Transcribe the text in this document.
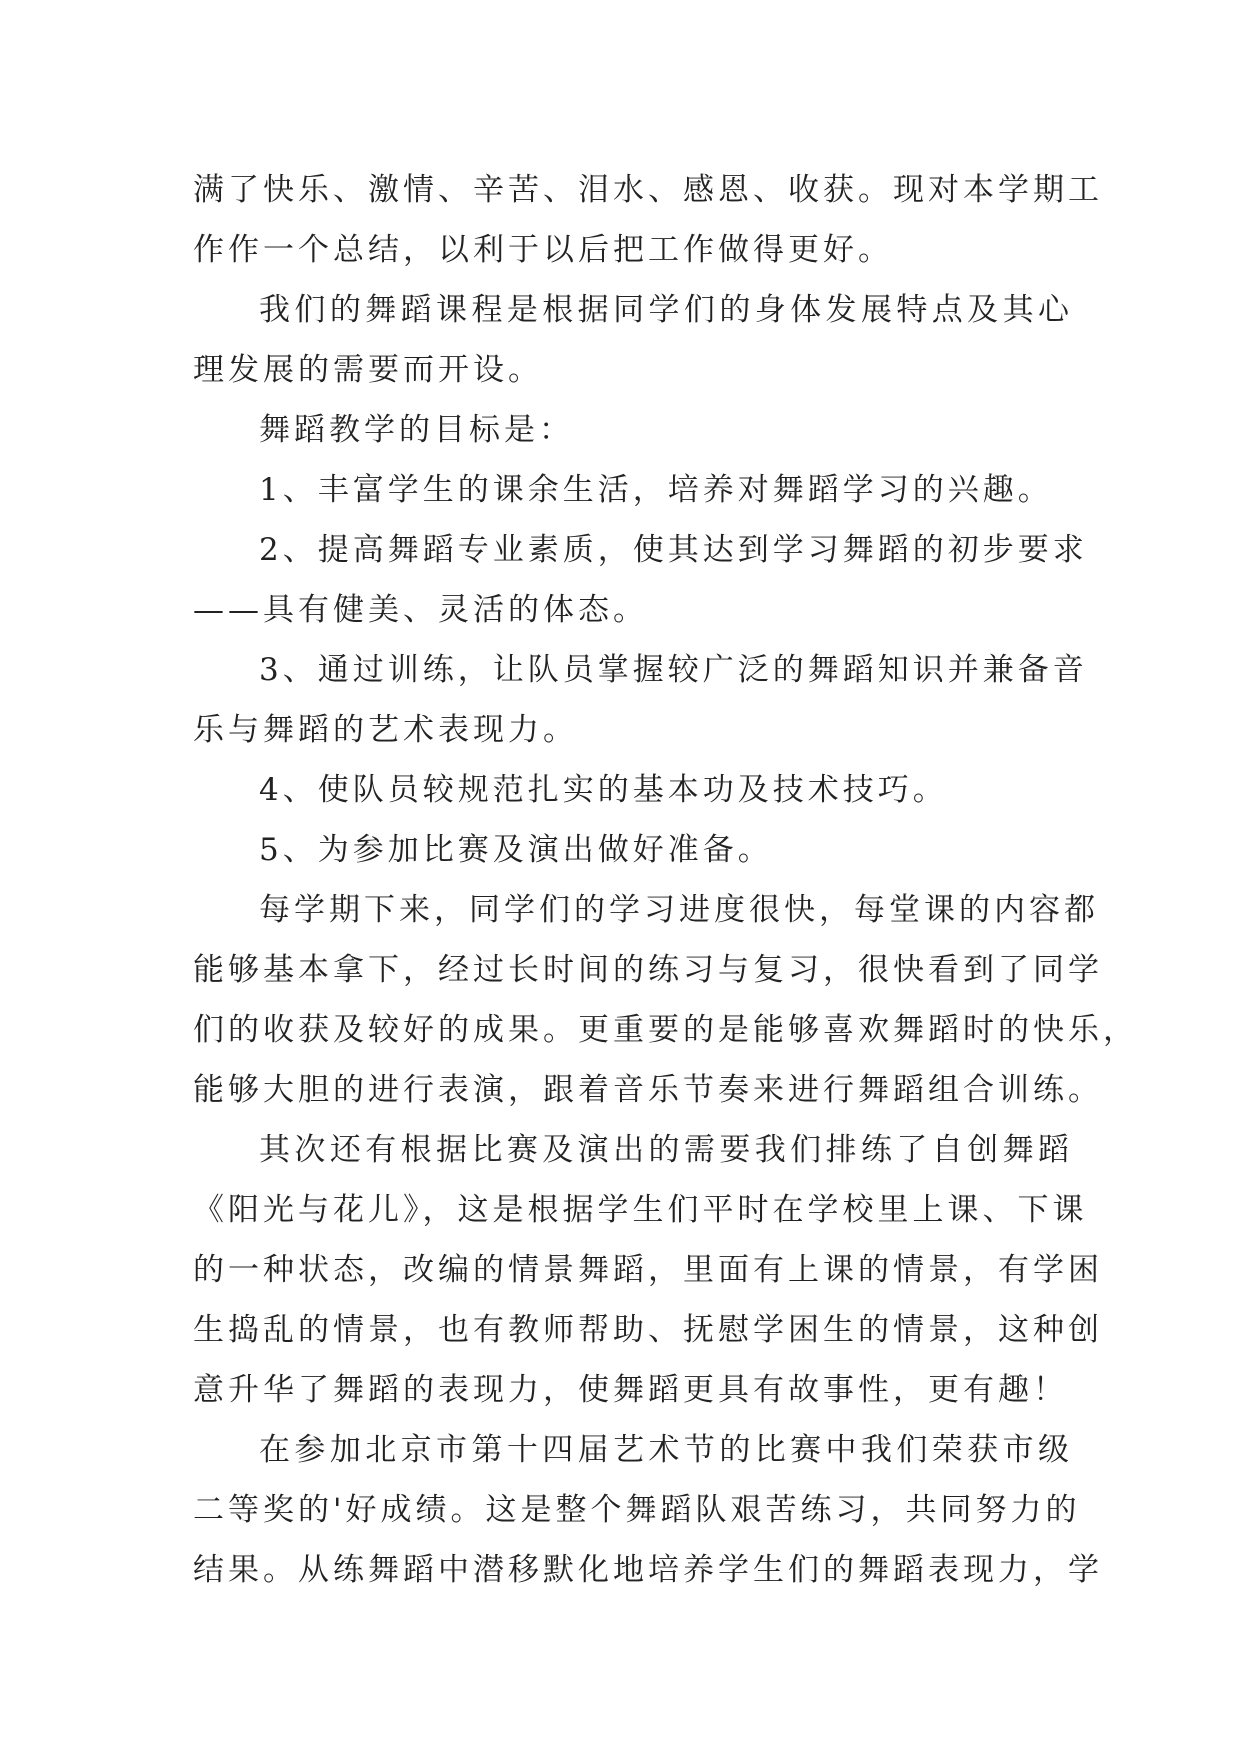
满了快乐、激情、辛苦、泪水、感恩、收获。现对本学期工
作作一个总结，以利于以后把工作做得更好。
我们的舞蹈课程是根据同学们的身体发展特点及其心
理发展的需要而开设。
舞蹈教学的目标是：
1、丰富学生的课余生活，培养对舞蹈学习的兴趣。
2、提高舞蹈专业素质，使其达到学习舞蹈的初步要求
——具有健美、灵活的体态。
3、通过训练，让队员掌握较广泛的舞蹈知识并兼备音
乐与舞蹈的艺术表现力。
4、使队员较规范扎实的基本功及技术技巧。
5、为参加比赛及演出做好准备。
每学期下来，同学们的学习进度很快，每堂课的内容都
能够基本拿下，经过长时间的练习与复习，很快看到了同学
们的收获及较好的成果。更重要的是能够喜欢舞蹈时的快乐，
能够大胆的进行表演，跟着音乐节奏来进行舞蹈组合训练。
其次还有根据比赛及演出的需要我们排练了自创舞蹈
《阳光与花儿》，这是根据学生们平时在学校里上课、下课
的一种状态，改编的情景舞蹈，里面有上课的情景，有学困
生捣乱的情景，也有教师帮助、抚慰学困生的情景，这种创
意升华了舞蹈的表现力，使舞蹈更具有故事性，更有趣！
在参加北京市第十四届艺术节的比赛中我们荣获市级
二等奖的'好成绩。这是整个舞蹈队艰苦练习，共同努力的
结果。从练舞蹈中潜移默化地培养学生们的舞蹈表现力，学
